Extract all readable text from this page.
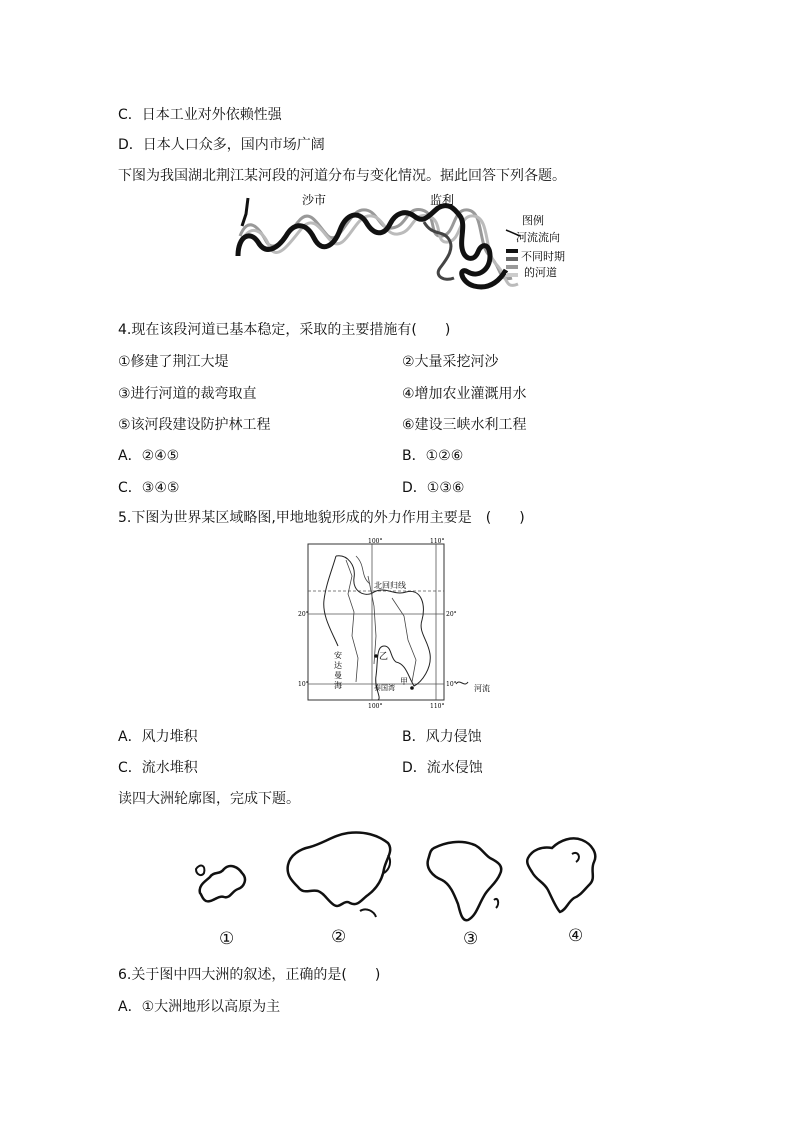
C．日本工业对外依赖性强
D．日本人口众多，国内市场广阔
下图为我国湖北荆江某河段的河道分布与变化情况。据此回答下列各题。
沙市	监利
图例
河流流向
不同时期
的河道
4.现在该段河道已基本稳定，采取的主要措施有(　　)
①修建了荆江大堤	②大量采挖河沙
③进行河道的裁弯取直	④增加农业灌溉用水
⑤该河段建设防护林工程	⑥建设三峡水利工程
A．②④⑤	B．①②⑥
C．③④⑤	D．①③⑥
5.下图为世界某区域略图,甲地地貌形成的外力作用主要是　(　　)
100°	110°
100°	110°
20°	20°
10°	10°
北回归线
安
达
曼
海
乙
泰国湾
甲
河流
A．风力堆积	B．风力侵蚀
C．流水堆积	D．流水侵蚀
读四大洲轮廓图，完成下题。
①	②	③	④
6.关于图中四大洲的叙述，正确的是(　　)
A．①大洲地形以高原为主
